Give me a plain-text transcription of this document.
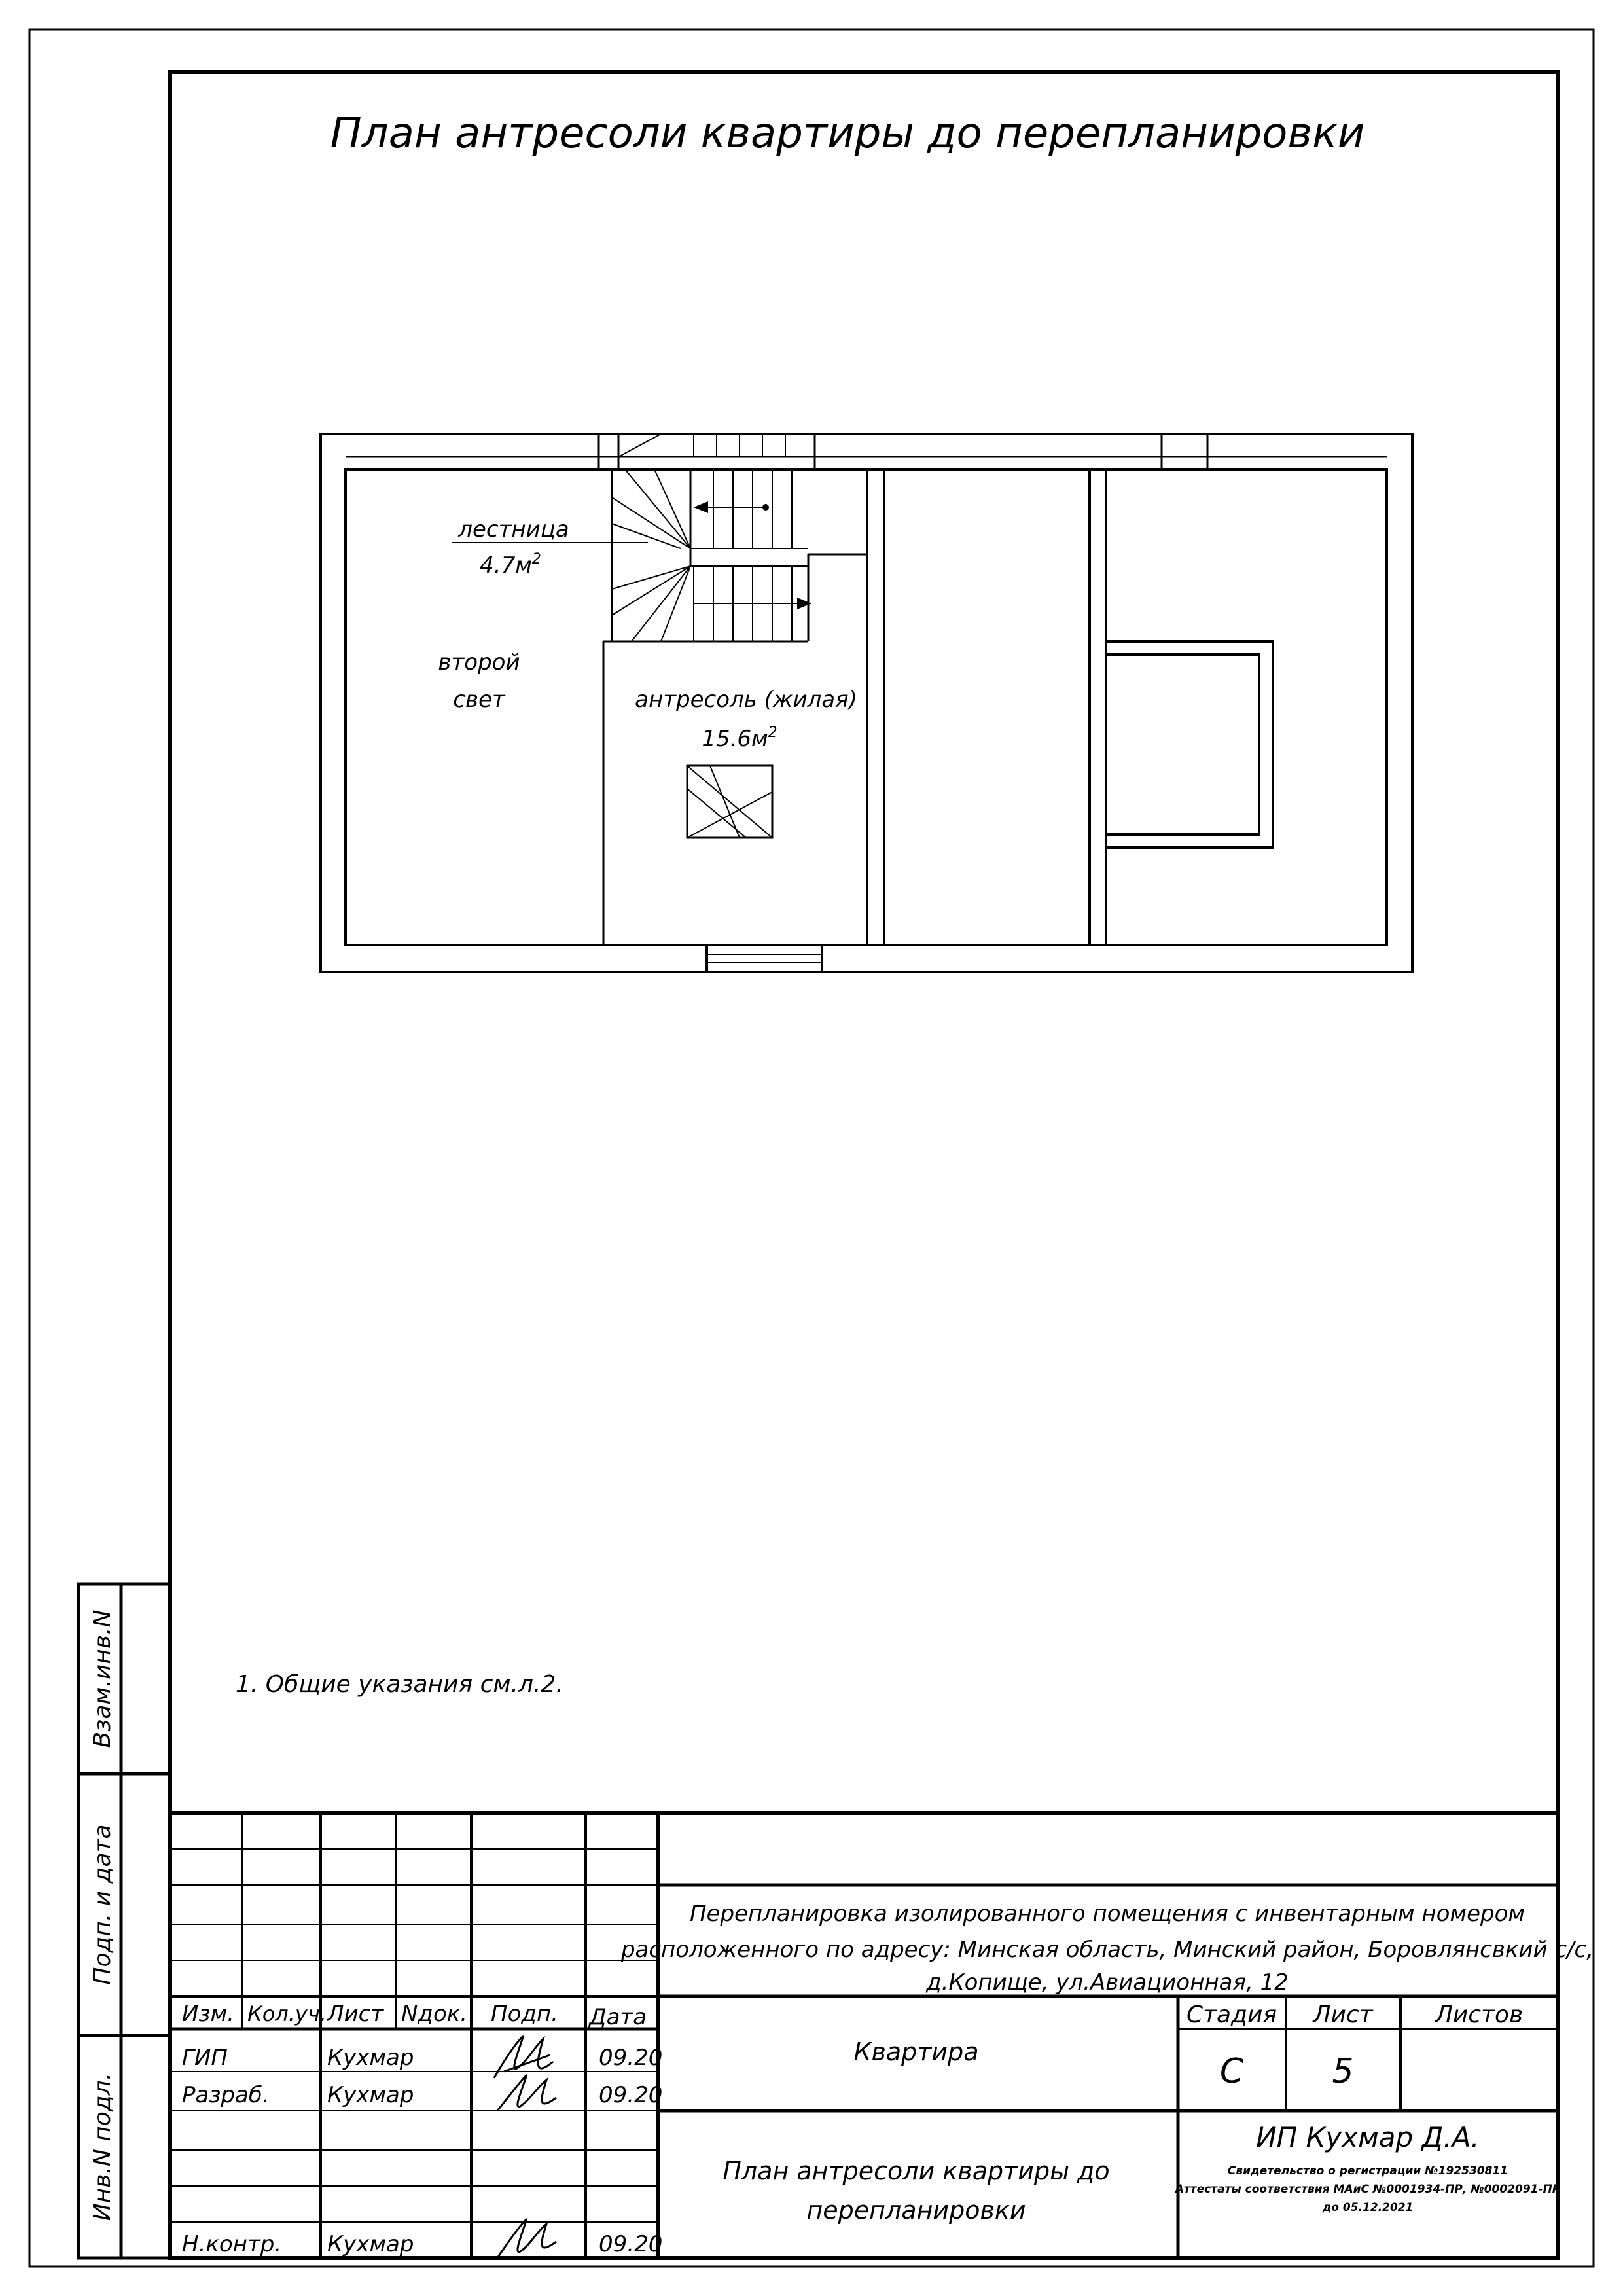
План антресоли квартиры до перепланировки
лестница
$4.7м^2$
второй
свет	антресоль (жилая)
$15.6м^2$
1. Общие указания см.л.2.
Взам.инв.N
Подп. и дата
Инв.N подл.
Изм. Кол.уч. Лист Nдок. Подп. Дата
ГИП	Кухмар	09.20
Разраб.	Кухмар	09.20
Н.контр. Кухмар	09.20
Перепланировка изолированного помещения с инвентарным номером
расположенного по адресу: Минская область, Минский район, Боровлянсвкий с/с,
д.Копище, ул.Авиационная, 12
Квартира
Стадия Лист	Листов
С	5
План антресоли квартиры до
перепланировки
ИП Кухмар Д.А.
Свидетельство о регистрации №192530811
Аттестаты соответствия МАиС №0001934-ПР, №0002091-ПР
до 05.12.2021
